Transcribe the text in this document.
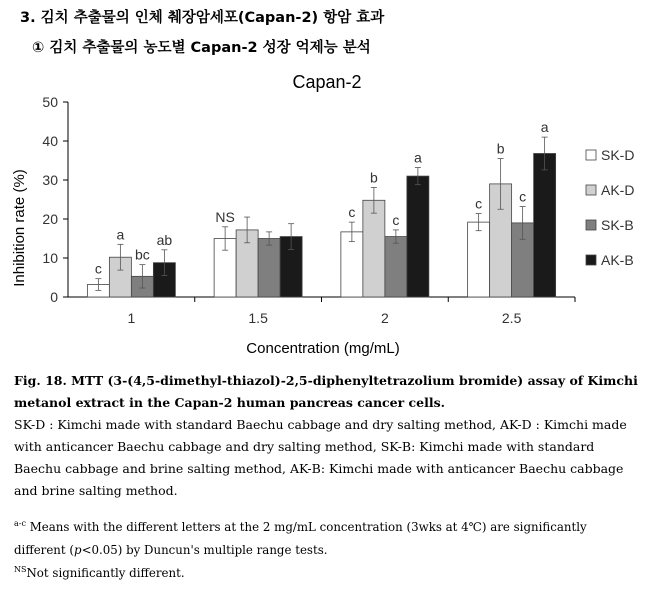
3. 김치 추출물의 인체 췌장암세포(Capan-2) 항암 효과
① 김치 추출물의 농도별 Capan-2 성장 억제능 분석
Capan-2
Inhibition rate (%)
Concentration (mg/mL)
0
10
20
30
40
50
c
a
bc
ab
1
NS
1.5
c
b
c
a
2
c
b
c
a
2.5
SK-D
AK-D
SK-B
AK-B
Fig. 18. MTT (3-(4,5-dimethyl-thiazol)-2,5-diphenyltetrazolium bromide) assay of Kimchi metanol extract in the Capan-2 human pancreas cancer cells.
SK-D : Kimchi made with standard Baechu cabbage and dry salting method, AK-D : Kimchi made with anticancer Baechu cabbage and dry salting method, SK-B: Kimchi made with standard Baechu cabbage and brine salting method, AK-B: Kimchi made with anticancer Baechu cabbage and brine salting method.
$^{a-c}$ Means with the different letters at the 2 mg/mL concentration (3wks at 4℃) are significantly different (p<0.05) by Duncun's multiple range tests.
$^{NS}$Not significantly different.
